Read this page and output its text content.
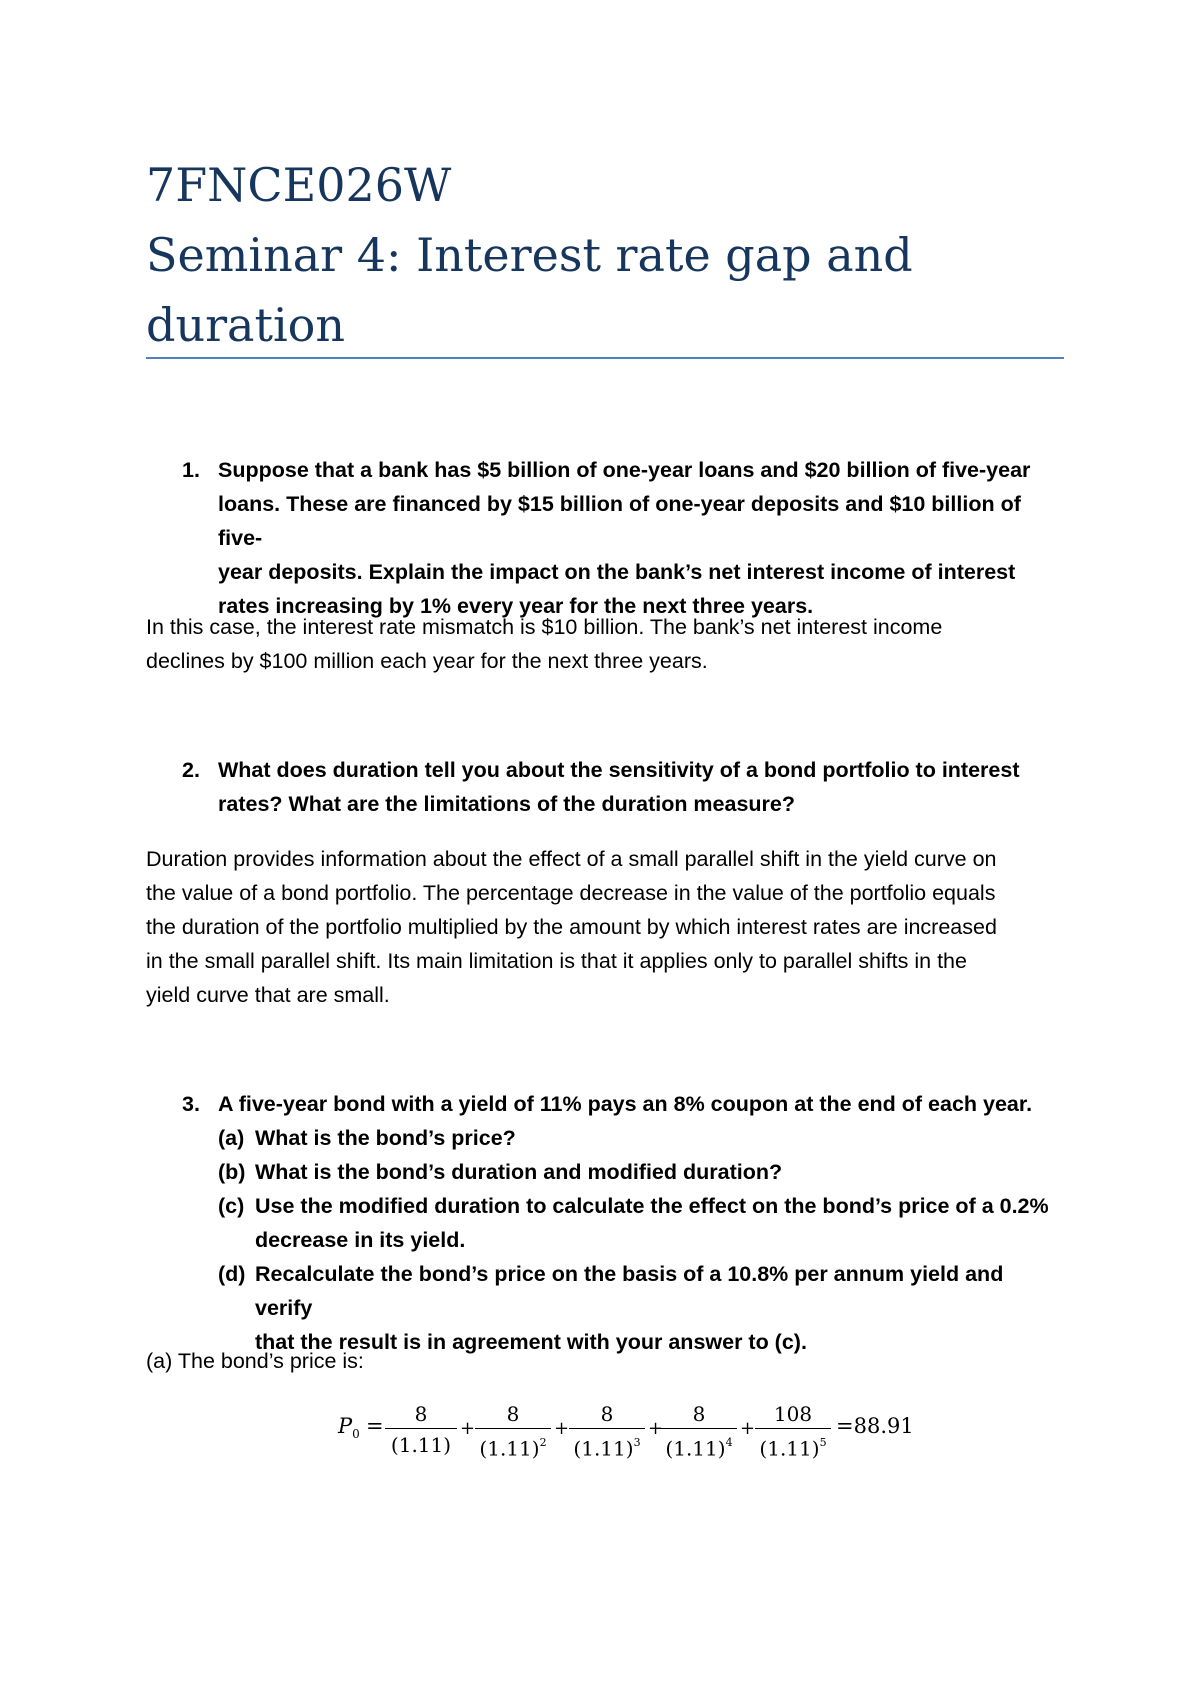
7FNCE026W
Seminar 4: Interest rate gap and
duration
1. Suppose that a bank has $5 billion of one-year loans and $20 billion of five-year
loans. These are financed by $15 billion of one-year deposits and $10 billion of five-
year deposits. Explain the impact on the bank’s net interest income of interest
rates increasing by 1% every year for the next three years.
In this case, the interest rate mismatch is $10 billion. The bank’s net interest income
declines by $100 million each year for the next three years.
2. What does duration tell you about the sensitivity of a bond portfolio to interest
rates? What are the limitations of the duration measure?
Duration provides information about the effect of a small parallel shift in the yield curve on
the value of a bond portfolio. The percentage decrease in the value of the portfolio equals
the duration of the portfolio multiplied by the amount by which interest rates are increased
in the small parallel shift. Its main limitation is that it applies only to parallel shifts in the
yield curve that are small.
3. A five-year bond with a yield of 11% pays an 8% coupon at the end of each year.
(a) What is the bond’s price?
(b) What is the bond’s duration and modified duration?
(c) Use the modified duration to calculate the effect on the bond’s price of a 0.2%
decrease in its yield.
(d) Recalculate the bond’s price on the basis of a 10.8% per annum yield and verify
that the result is in agreement with your answer to (c).
(a) The bond’s price is:
$P_0$ =	8
(1.11)
+
8
$(1.11)^2$
+
8
$(1.11)^3$
+
8
$(1.11)^4$
+
108
$(1.11)^5$
=88.91
